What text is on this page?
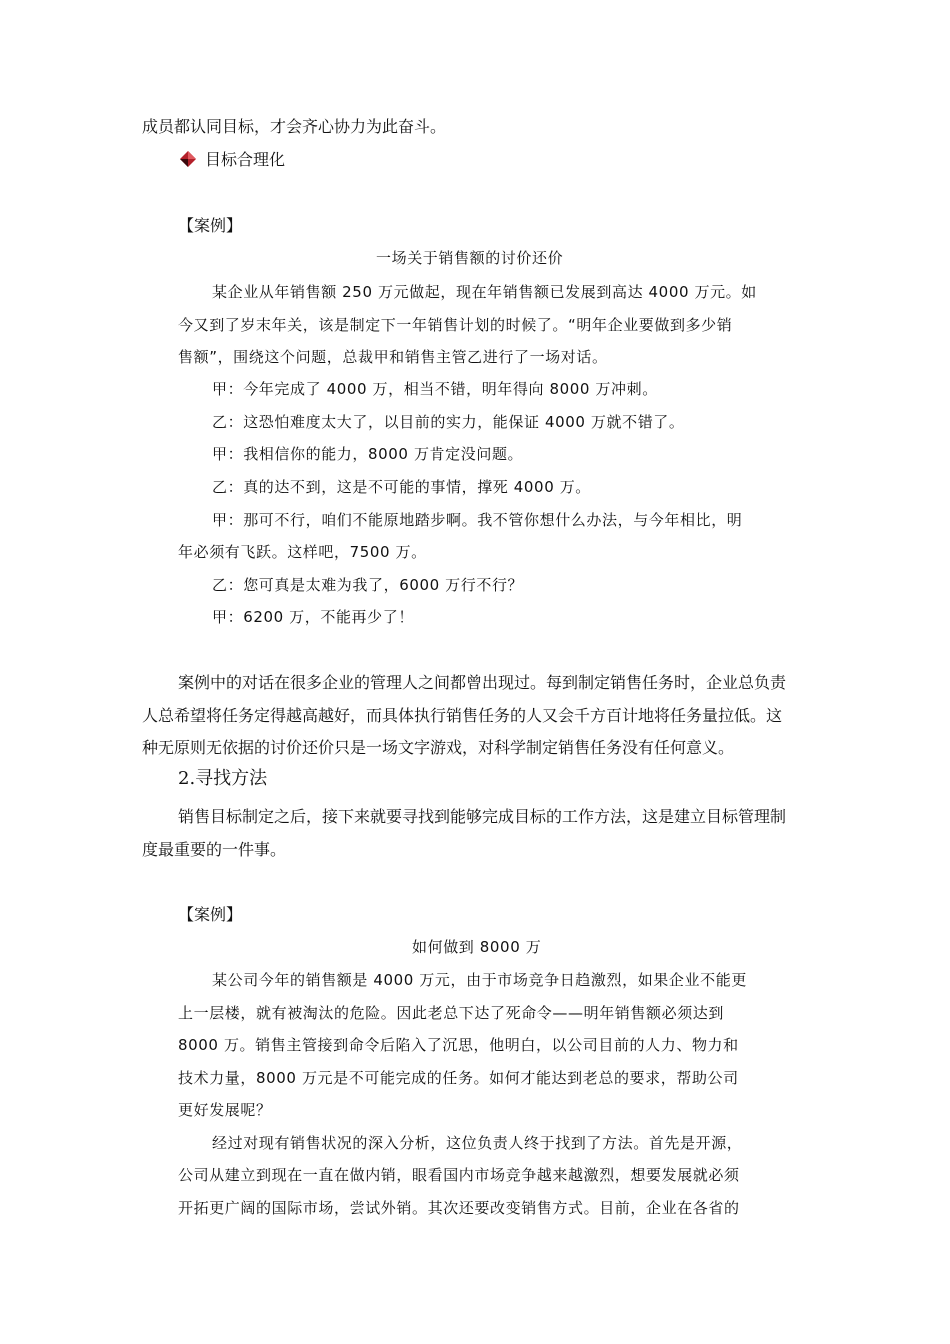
成员都认同目标，才会齐心协力为此奋斗。

目标合理化

【案例】

一场关于销售额的讨价还价

某企业从年销售额 250 万元做起，现在年销售额已发展到高达 4000 万元。如

今又到了岁末年关，该是制定下一年销售计划的时候了。“明年企业要做到多少销

售额”，围绕这个问题，总裁甲和销售主管乙进行了一场对话。

甲：今年完成了 4000 万，相当不错，明年得向 8000 万冲刺。

乙：这恐怕难度太大了，以目前的实力，能保证 4000 万就不错了。

甲：我相信你的能力，8000 万肯定没问题。

乙：真的达不到，这是不可能的事情，撑死 4000 万。

甲：那可不行，咱们不能原地踏步啊。我不管你想什么办法，与今年相比，明

年必须有飞跃。这样吧，7500 万。

乙：您可真是太难为我了，6000 万行不行？

甲：6200 万，不能再少了！

案例中的对话在很多企业的管理人之间都曾出现过。每到制定销售任务时，企业总负责

人总希望将任务定得越高越好，而具体执行销售任务的人又会千方百计地将任务量拉低。这

种无原则无依据的讨价还价只是一场文字游戏，对科学制定销售任务没有任何意义。

2.寻找方法

销售目标制定之后，接下来就要寻找到能够完成目标的工作方法，这是建立目标管理制

度最重要的一件事。

【案例】

如何做到 8000 万

某公司今年的销售额是 4000 万元，由于市场竞争日趋激烈，如果企业不能更

上一层楼，就有被淘汰的危险。因此老总下达了死命令——明年销售额必须达到

8000 万。销售主管接到命令后陷入了沉思，他明白，以公司目前的人力、物力和

技术力量，8000 万元是不可能完成的任务。如何才能达到老总的要求，帮助公司

更好发展呢？

经过对现有销售状况的深入分析，这位负责人终于找到了方法。首先是开源，

公司从建立到现在一直在做内销，眼看国内市场竞争越来越激烈，想要发展就必须

开拓更广阔的国际市场，尝试外销。其次还要改变销售方式。目前，企业在各省的
